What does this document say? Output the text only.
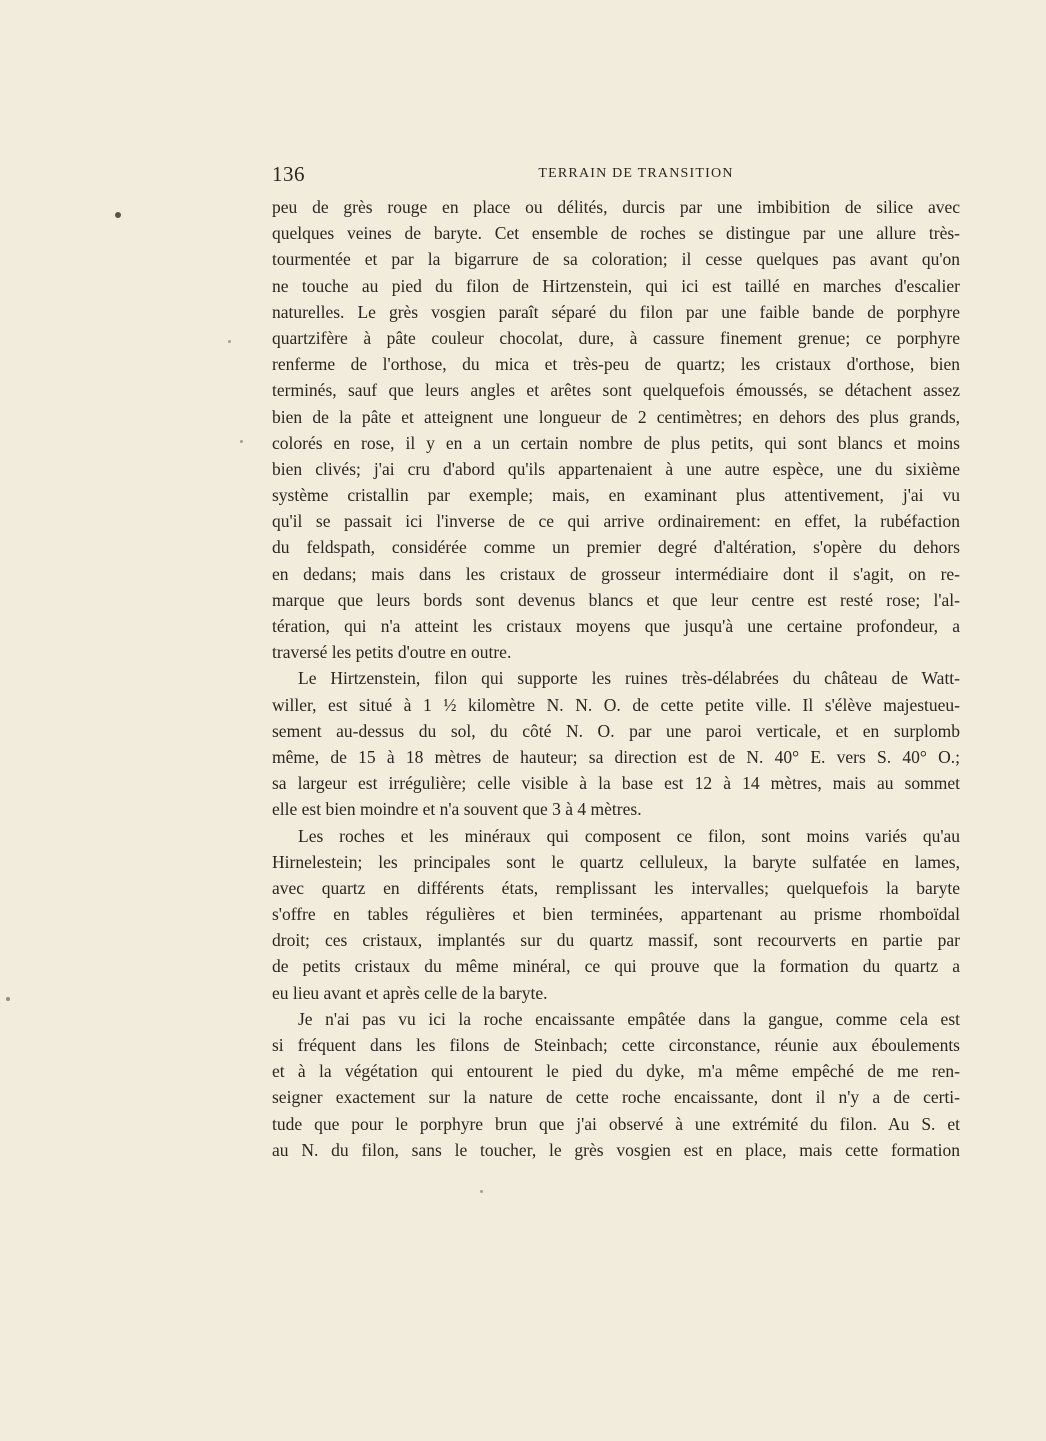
136	TERRAIN DE TRANSITION
peu de grès rouge en place ou délités, durcis par une imbibition de silice avec
quelques veines de baryte. Cet ensemble de roches se distingue par une allure très-
tourmentée et par la bigarrure de sa coloration; il cesse quelques pas avant qu'on
ne touche au pied du filon de Hirtzenstein, qui ici est taillé en marches d'escalier
naturelles. Le grès vosgien paraît séparé du filon par une faible bande de porphyre
quartzifère à pâte couleur chocolat, dure, à cassure finement grenue; ce porphyre
renferme de l'orthose, du mica et très-peu de quartz; les cristaux d'orthose, bien
terminés, sauf que leurs angles et arêtes sont quelquefois émoussés, se détachent assez
bien de la pâte et atteignent une longueur de 2 centimètres; en dehors des plus grands,
colorés en rose, il y en a un certain nombre de plus petits, qui sont blancs et moins
bien clivés; j'ai cru d'abord qu'ils appartenaient à une autre espèce, une du sixième
système cristallin par exemple; mais, en examinant plus attentivement, j'ai vu
qu'il se passait ici l'inverse de ce qui arrive ordinairement: en effet, la rubéfaction
du feldspath, considérée comme un premier degré d'altération, s'opère du dehors
en dedans; mais dans les cristaux de grosseur intermédiaire dont il s'agit, on re-
marque que leurs bords sont devenus blancs et que leur centre est resté rose; l'al-
tération, qui n'a atteint les cristaux moyens que jusqu'à une certaine profondeur, a
traversé les petits d'outre en outre.
Le Hirtzenstein, filon qui supporte les ruines très-délabrées du château de Watt-
willer, est situé à 1 ½ kilomètre N. N. O. de cette petite ville. Il s'élève majestueu-
sement au-dessus du sol, du côté N. O. par une paroi verticale, et en surplomb
même, de 15 à 18 mètres de hauteur; sa direction est de N. 40° E. vers S. 40° O.;
sa largeur est irrégulière; celle visible à la base est 12 à 14 mètres, mais au sommet
elle est bien moindre et n'a souvent que 3 à 4 mètres.
Les roches et les minéraux qui composent ce filon, sont moins variés qu'au
Hirnelestein; les principales sont le quartz celluleux, la baryte sulfatée en lames,
avec quartz en différents états, remplissant les intervalles; quelquefois la baryte
s'offre en tables régulières et bien terminées, appartenant au prisme rhomboïdal
droit; ces cristaux, implantés sur du quartz massif, sont recourverts en partie par
de petits cristaux du même minéral, ce qui prouve que la formation du quartz a
eu lieu avant et après celle de la baryte.
Je n'ai pas vu ici la roche encaissante empâtée dans la gangue, comme cela est
si fréquent dans les filons de Steinbach; cette circonstance, réunie aux éboulements
et à la végétation qui entourent le pied du dyke, m'a même empêché de me ren-
seigner exactement sur la nature de cette roche encaissante, dont il n'y a de certi-
tude que pour le porphyre brun que j'ai observé à une extrémité du filon. Au S. et
au N. du filon, sans le toucher, le grès vosgien est en place, mais cette formation
